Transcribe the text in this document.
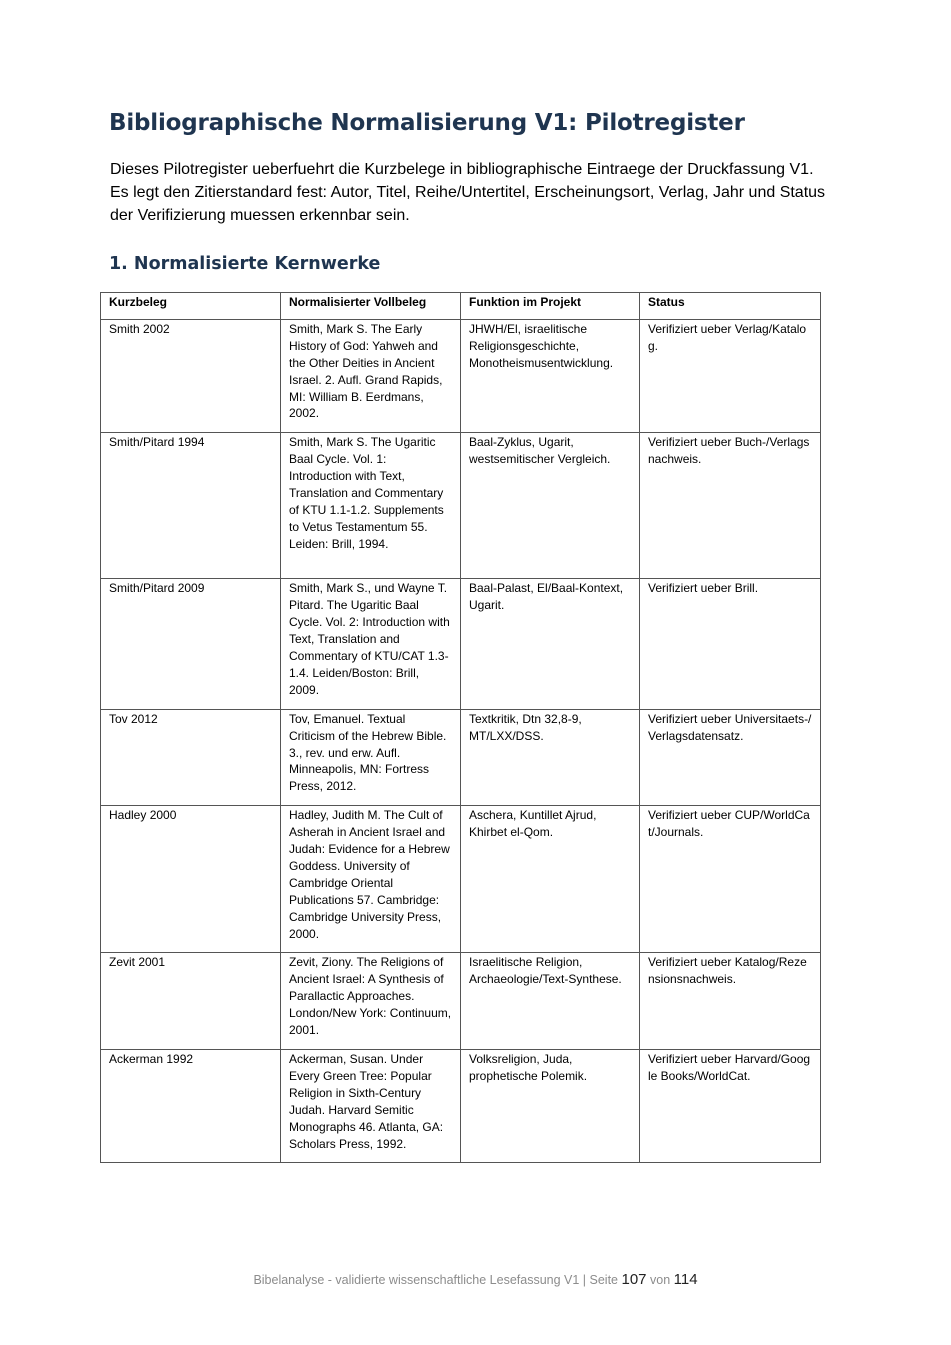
Bibliographische Normalisierung V1: Pilotregister

Dieses Pilotregister ueberfuehrt die Kurzbelege in bibliographische Eintraege der Druckfassung V1. Es legt den Zitierstandard fest: Autor, Titel, Reihe/Untertitel, Erscheinungsort, Verlag, Jahr und Status der Verifizierung muessen erkennbar sein.

1. Normalisierte Kernwerke
Kurzbeleg	Normalisierter Vollbeleg	Funktion im Projekt	Status
Smith 2002	Smith, Mark S. The Early History of God: Yahweh and the Other Deities in Ancient Israel. 2. Aufl. Grand Rapids, MI: William B. Eerdmans, 2002.	JHWH/El, israelitische Religionsgeschichte, Monotheismusentwicklung.	Verifiziert ueber Verlag/Katalog.
Smith/Pitard 1994	Smith, Mark S. The Ugaritic Baal Cycle. Vol. 1: Introduction with Text, Translation and Commentary of KTU 1.1-1.2. Supplements to Vetus Testamentum 55. Leiden: Brill, 1994.	Baal-Zyklus, Ugarit, westsemitischer Vergleich.	Verifiziert ueber Buch-/Verlagsnachweis.
Smith/Pitard 2009	Smith, Mark S., und Wayne T. Pitard. The Ugaritic Baal Cycle. Vol. 2: Introduction with Text, Translation and Commentary of KTU/CAT 1.3-1.4. Leiden/Boston: Brill, 2009.	Baal-Palast, El/Baal-Kontext, Ugarit.	Verifiziert ueber Brill.
Tov 2012	Tov, Emanuel. Textual Criticism of the Hebrew Bible. 3., rev. und erw. Aufl. Minneapolis, MN: Fortress Press, 2012.	Textkritik, Dtn 32,8-9, MT/LXX/DSS.	Verifiziert ueber Universitaets-/Verlagsdatensatz.
Hadley 2000	Hadley, Judith M. The Cult of Asherah in Ancient Israel and Judah: Evidence for a Hebrew Goddess. University of Cambridge Oriental Publications 57. Cambridge: Cambridge University Press, 2000.	Aschera, Kuntillet Ajrud, Khirbet el-Qom.	Verifiziert ueber CUP/WorldCat/Journals.
Zevit 2001	Zevit, Ziony. The Religions of Ancient Israel: A Synthesis of Parallactic Approaches. London/New York: Continuum, 2001.	Israelitische Religion, Archaeologie/Text-Synthese.	Verifiziert ueber Katalog/Rezensionsnachweis.
Ackerman 1992	Ackerman, Susan. Under Every Green Tree: Popular Religion in Sixth-Century Judah. Harvard Semitic Monographs 46. Atlanta, GA: Scholars Press, 1992.	Volksreligion, Juda, prophetische Polemik.	Verifiziert ueber Harvard/Google Books/WorldCat.
Bibelanalyse - validierte wissenschaftliche Lesefassung V1 | Seite 107 von 114
